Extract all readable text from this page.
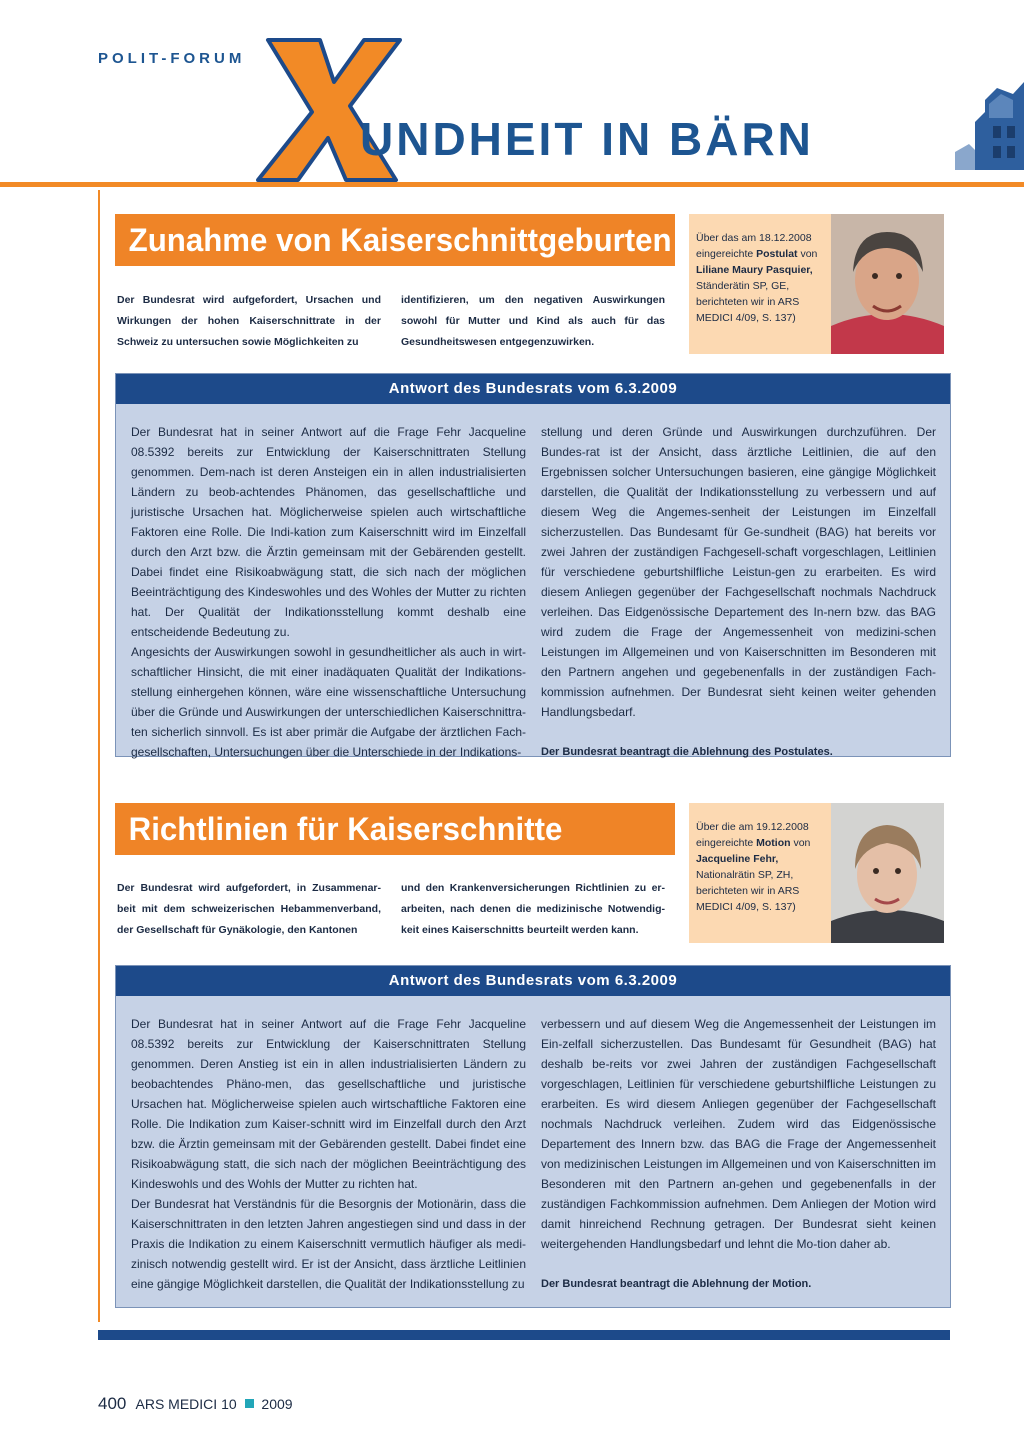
POLIT-FORUM
UNDHEIT IN BÄRN
Zunahme von Kaiserschnittgeburten	Über das am 18.12.2008 eingereichte Postulat von Liliane Maury Pasquier, Ständerätin SP, GE, berichteten wir in ARS MEDICI 4/09, S. 137)
Der Bundesrat wird aufgefordert, Ursachen und Wirkungen der hohen Kaiserschnittrate in der Schweiz zu untersuchen sowie Möglichkeiten zu
identifizieren, um den negativen Auswirkungen sowohl für Mutter und Kind als auch für das Gesundheitswesen entgegenzuwirken.
Antwort des Bundesrats vom 6.3.2009

Der Bundesrat hat in seiner Antwort auf die Frage Fehr Jacqueline 08.5392 bereits zur Entwicklung der Kaiserschnittraten Stellung genommen. Dem-nach ist deren Ansteigen ein in allen industrialisierten Ländern zu beob-achtendes Phänomen, das gesellschaftliche und juristische Ursachen hat. Möglicherweise spielen auch wirtschaftliche Faktoren eine Rolle. Die Indi-kation zum Kaiserschnitt wird im Einzelfall durch den Arzt bzw. die Ärztin gemeinsam mit der Gebärenden gestellt. Dabei findet eine Risikoabwägung statt, die sich nach der möglichen Beeinträchtigung des Kindeswohles und des Wohles der Mutter zu richten hat. Der Qualität der Indikationsstellung kommt deshalb eine entscheidende Bedeutung zu.

Angesichts der Auswirkungen sowohl in gesundheitlicher als auch in wirt-schaftlicher Hinsicht, die mit einer inadäquaten Qualität der Indikations-stellung einhergehen können, wäre eine wissenschaftliche Untersuchung über die Gründe und Auswirkungen der unterschiedlichen Kaiserschnittra-ten sicherlich sinnvoll. Es ist aber primär die Aufgabe der ärztlichen Fach-gesellschaften, Untersuchungen über die Unterschiede in der Indikations-

stellung und deren Gründe und Auswirkungen durchzuführen. Der Bundes-rat ist der Ansicht, dass ärztliche Leitlinien, die auf den Ergebnissen solcher Untersuchungen basieren, eine gängige Möglichkeit darstellen, die Qualität der Indikationsstellung zu verbessern und auf diesem Weg die Angemes-senheit der Leistungen im Einzelfall sicherzustellen. Das Bundesamt für Ge-sundheit (BAG) hat bereits vor zwei Jahren der zuständigen Fachgesell-schaft vorgeschlagen, Leitlinien für verschiedene geburtshilfliche Leistun-gen zu erarbeiten. Es wird diesem Anliegen gegenüber der Fachgesellschaft nochmals Nachdruck verleihen. Das Eidgenössische Departement des In-nern bzw. das BAG wird zudem die Frage der Angemessenheit von medizini-schen Leistungen im Allgemeinen und von Kaiserschnitten im Besonderen mit den Partnern angehen und gegebenenfalls in der zuständigen Fach-kommission aufnehmen. Der Bundesrat sieht keinen weiter gehenden Handlungsbedarf.

Der Bundesrat beantragt die Ablehnung des Postulates.

Richtlinien für Kaiserschnitte	Über die am 19.12.2008 eingereichte Motion von Jacqueline Fehr, Nationalrätin SP, ZH, berichteten wir in ARS MEDICI 4/09, S. 137)
Der Bundesrat wird aufgefordert, in Zusammenar-beit mit dem schweizerischen Hebammenverband, der Gesellschaft für Gynäkologie, den Kantonen
und den Krankenversicherungen Richtlinien zu er-arbeiten, nach denen die medizinische Notwendig-keit eines Kaiserschnitts beurteilt werden kann.
Antwort des Bundesrats vom 6.3.2009

Der Bundesrat hat in seiner Antwort auf die Frage Fehr Jacqueline 08.5392 bereits zur Entwicklung der Kaiserschnittraten Stellung genommen. Deren Anstieg ist ein in allen industrialisierten Ländern zu beobachtendes Phäno-men, das gesellschaftliche und juristische Ursachen hat. Möglicherweise spielen auch wirtschaftliche Faktoren eine Rolle. Die Indikation zum Kaiser-schnitt wird im Einzelfall durch den Arzt bzw. die Ärztin gemeinsam mit der Gebärenden gestellt. Dabei findet eine Risikoabwägung statt, die sich nach der möglichen Beeinträchtigung des Kindeswohls und des Wohls der Mutter zu richten hat.

Der Bundesrat hat Verständnis für die Besorgnis der Motionärin, dass die Kaiserschnittraten in den letzten Jahren angestiegen sind und dass in der Praxis die Indikation zu einem Kaiserschnitt vermutlich häufiger als medi-zinisch notwendig gestellt wird. Er ist der Ansicht, dass ärztliche Leitlinien eine gängige Möglichkeit darstellen, die Qualität der Indikationsstellung zu

verbessern und auf diesem Weg die Angemessenheit der Leistungen im Ein-zelfall sicherzustellen. Das Bundesamt für Gesundheit (BAG) hat deshalb be-reits vor zwei Jahren der zuständigen Fachgesellschaft vorgeschlagen, Leitlinien für verschiedene geburtshilfliche Leistungen zu erarbeiten. Es wird diesem Anliegen gegenüber der Fachgesellschaft nochmals Nachdruck verleihen. Zudem wird das Eidgenössische Departement des Innern bzw. das BAG die Frage der Angemessenheit von medizinischen Leistungen im Allgemeinen und von Kaiserschnitten im Besonderen mit den Partnern an-gehen und gegebenenfalls in der zuständigen Fachkommission aufnehmen. Dem Anliegen der Motion wird damit hinreichend Rechnung getragen. Der Bundesrat sieht keinen weitergehenden Handlungsbedarf und lehnt die Mo-tion daher ab.

Der Bundesrat beantragt die Ablehnung der Motion.

400 ARS MEDICI 10 2009
